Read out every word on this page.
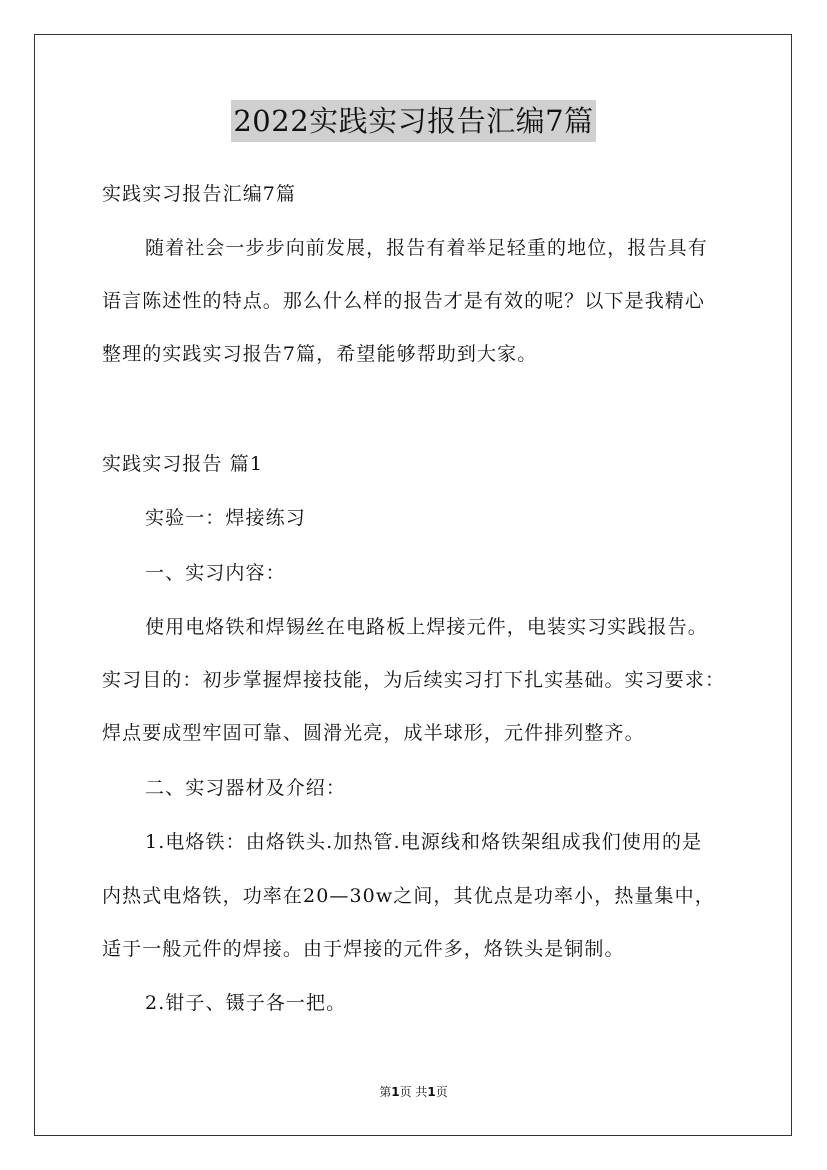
2022实践实习报告汇编7篇
实践实习报告汇编7篇
随着社会一步步向前发展，报告有着举足轻重的地位，报告具有
语言陈述性的特点。那么什么样的报告才是有效的呢？以下是我精心
整理的实践实习报告7篇，希望能够帮助到大家。
实践实习报告 篇1
实验一：焊接练习
一、实习内容：
使用电烙铁和焊锡丝在电路板上焊接元件，电装实习实践报告。
实习目的：初步掌握焊接技能，为后续实习打下扎实基础。实习要求：
焊点要成型牢固可靠、圆滑光亮，成半球形，元件排列整齐。
二、实习器材及介绍：
1.电烙铁：由烙铁头.加热管.电源线和烙铁架组成我们使用的是
内热式电烙铁，功率在20—30w之间，其优点是功率小，热量集中，
适于一般元件的焊接。由于焊接的元件多，烙铁头是铜制。
2.钳子、镊子各一把。
第1页 共1页
